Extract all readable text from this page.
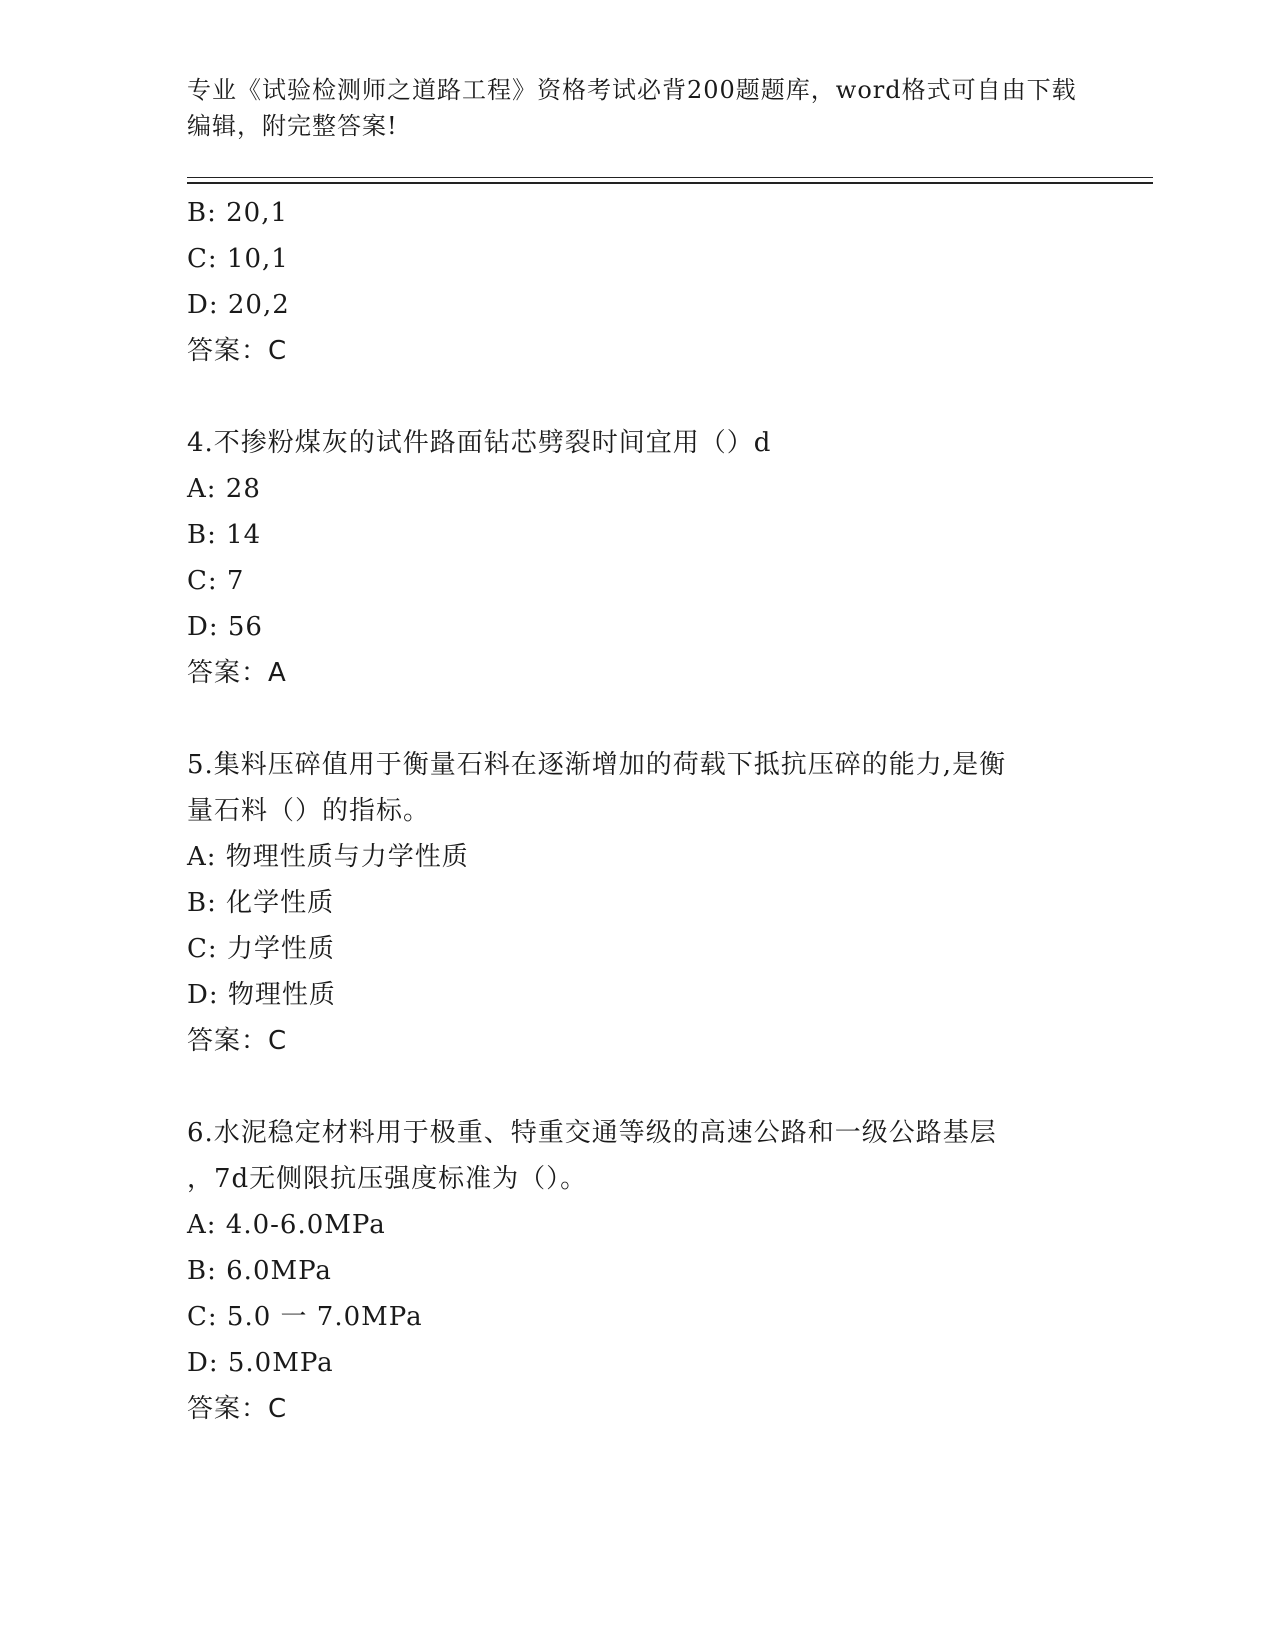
专业《试验检测师之道路工程》资格考试必背200题题库，word格式可自由下载
编辑，附完整答案!
B: 20,1
C: 10,1
D: 20,2
答案：C
4.不掺粉煤灰的试件路面钻芯劈裂时间宜用（）d
A: 28
B: 14
C: 7
D: 56
答案：A
5.集料压碎值用于衡量石料在逐渐增加的荷载下抵抗压碎的能力,是衡
量石料（）的指标。
A: 物理性质与力学性质
B: 化学性质
C: 力学性质
D: 物理性质
答案：C
6.水泥稳定材料用于极重、特重交通等级的高速公路和一级公路基层
，7d无侧限抗压强度标准为（）。
A: 4.0-6.0MPa
B: 6.0MPa
C: 5.0 一 7.0MPa
D: 5.0MPa
答案：C
